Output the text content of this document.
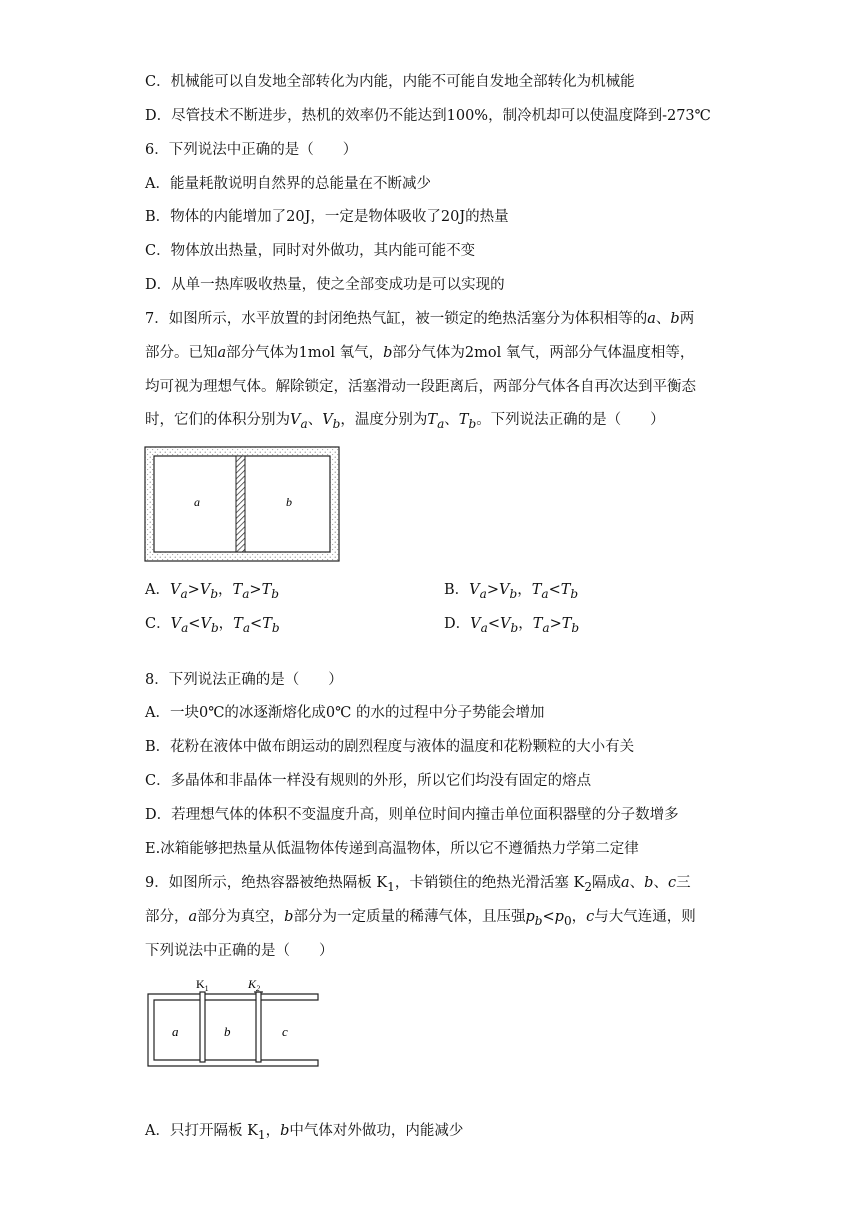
C．机械能可以自发地全部转化为内能，内能不可能自发地全部转化为机械能
D．尽管技术不断进步，热机的效率仍不能达到100%，制冷机却可以使温度降到-273℃
6．下列说法中正确的是（　　）
A．能量耗散说明自然界的总能量在不断减少
B．物体的内能增加了20J，一定是物体吸收了20J的热量
C．物体放出热量，同时对外做功，其内能可能不变
D．从单一热库吸收热量，使之全部变成功是可以实现的
7．如图所示，水平放置的封闭绝热气缸，被一锁定的绝热活塞分为体积相等的a、b两
部分。已知a部分气体为1mol 氧气，b部分气体为2mol 氧气，两部分气体温度相等，
均可视为理想气体。解除锁定，活塞滑动一段距离后，两部分气体各自再次达到平衡态
时，它们的体积分别为$V_a$、$V_b$，温度分别为$T_a$、$T_b$。下列说法正确的是（　　）
a	b
A．$V_a>V_b$，$T_a>T_b$	B．$V_a>V_b$，$T_a<T_b$
C．$V_a<V_b$，$T_a<T_b$	D．$V_a<V_b$，$T_a>T_b$
8．下列说法正确的是（　　）
A．一块0℃的冰逐渐熔化成0℃ 的水的过程中分子势能会增加
B．花粉在液体中做布朗运动的剧烈程度与液体的温度和花粉颗粒的大小有关
C．多晶体和非晶体一样没有规则的外形，所以它们均没有固定的熔点
D．若理想气体的体积不变温度升高，则单位时间内撞击单位面积器壁的分子数增多
E.冰箱能够把热量从低温物体传递到高温物体，所以它不遵循热力学第二定律
9．如图所示，绝热容器被绝热隔板 $K_1$，卡销锁住的绝热光滑活塞 $K_2$隔成a、b、c三
部分，a部分为真空，b部分为一定质量的稀薄气体，且压强$p_b<p_0$，c与大气连通，则
下列说法中正确的是（　　）
$K_1$	$K_2$
a	b	c
A．只打开隔板 $K_1$，b中气体对外做功，内能减少
